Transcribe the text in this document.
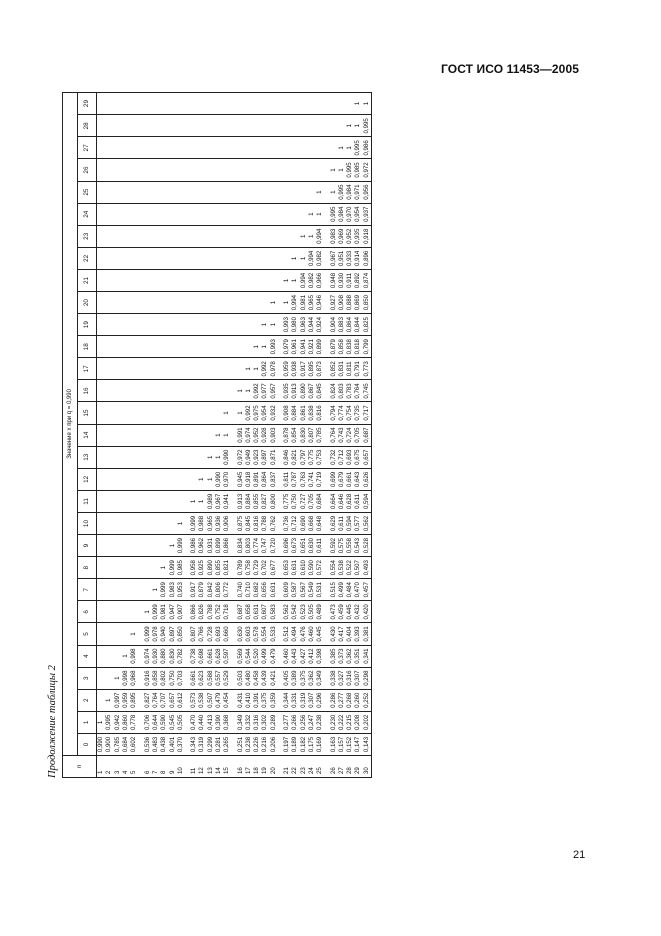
ГОСТ ИСО 11453—2005
Продолжение таблицы 2	n	Значение x при q = 0,990																													
	0	1	2	3	4	5	6	7	8	9	10	11	12	13	14	15	16	17	18	19	20	21	22	23	24	25	26	27	28	29
1	0,990	1																												
2	0,900	0,995	1																											
3	0,785	0,942	0,997	1																										
4	0,684	0,860	0,959	0,998	1																									
5	0,602	0,778	0,895	0,968	0,998	1																								
6	0,536	0,706	0,827	0,916	0,974	0,999	1																							
7	0,483	0,644	0,764	0,858	0,930	0,978	0,999	1																						
8	0,438	0,590	0,707	0,802	0,880	0,940	0,981	0,999	1																					
9	0,401	0,545	0,657	0,750	0,830	0,897	0,947	0,983	0,999	1																				
10	0,370	0,505	0,612	0,703	0,782	0,850	0,907	0,953	0,985	0,999	1																			
11	0,343	0,470	0,573	0,661	0,738	0,807	0,866	0,917	0,958	0,986	0,999	1																		
12	0,319	0,440	0,538	0,623	0,698	0,766	0,826	0,879	0,925	0,962	0,988	1	1																	
13	0,299	0,413	0,507	0,588	0,661	0,728	0,788	0,842	0,890	0,931	0,965	0,989	1	1																
14	0,281	0,390	0,479	0,557	0,628	0,693	0,752	0,806	0,855	0,899	0,936	0,967	0,990	1	1															
15	0,265	0,368	0,454	0,529	0,597	0,660	0,718	0,772	0,821	0,866	0,906	0,941	0,970	0,990	1	1														
16	0,251	0,349	0,431	0,503	0,569	0,630	0,687	0,740	0,789	0,834	0,875	0,913	0,945	0,972	0,991	1	1													
17	0,238	0,332	0,410	0,480	0,544	0,603	0,658	0,710	0,758	0,803	0,845	0,884	0,918	0,949	0,974	0,992	1	1												
18	0,226	0,316	0,391	0,458	0,520	0,578	0,631	0,682	0,729	0,774	0,816	0,855	0,891	0,923	0,952	0,975	0,992	1	1											
19	0,216	0,302	0,375	0,439	0,499	0,554	0,607	0,656	0,702	0,747	0,788	0,827	0,864	0,897	0,928	0,954	0,977	0,992	1	1										
20	0,206	0,289	0,359	0,421	0,479	0,533	0,583	0,631	0,677	0,720	0,762	0,800	0,837	0,871	0,903	0,932	0,957	0,978	0,993	1	1									
21	0,197	0,277	0,344	0,405	0,460	0,512	0,562	0,609	0,653	0,696	0,736	0,775	0,811	0,846	0,878	0,908	0,935	0,959	0,979	0,993	1	1								
22	0,189	0,266	0,331	0,389	0,443	0,494	0,542	0,587	0,631	0,673	0,712	0,750	0,787	0,821	0,854	0,884	0,913	0,938	0,961	0,980	0,994	1	1							
23	0,182	0,256	0,319	0,375	0,427	0,476	0,523	0,567	0,610	0,651	0,690	0,727	0,763	0,797	0,830	0,861	0,890	0,917	0,941	0,963	0,981	0,994	1	1						
24	0,175	0,247	0,307	0,362	0,412	0,460	0,505	0,549	0,590	0,630	0,668	0,705	0,741	0,775	0,807	0,838	0,867	0,895	0,921	0,944	0,965	0,982	0,994	1	1					
25	0,169	0,238	0,296	0,349	0,398	0,445	0,489	0,531	0,572	0,611	0,648	0,684	0,719	0,753	0,785	0,816	0,845	0,873	0,899	0,924	0,946	0,966	0,982	0,994	1	1				
26	0,163	0,230	0,286	0,338	0,385	0,430	0,473	0,515	0,554	0,592	0,629	0,664	0,699	0,732	0,764	0,794	0,824	0,852	0,879	0,904	0,927	0,948	0,967	0,983	0,995	1	1			
27	0,157	0,222	0,277	0,327	0,373	0,417	0,459	0,499	0,538	0,575	0,611	0,646	0,679	0,712	0,743	0,774	0,803	0,831	0,858	0,883	0,908	0,930	0,951	0,969	0,984	0,995	1	1		
28	0,152	0,215	0,268	0,316	0,362	0,404	0,445	0,484	0,522	0,558	0,594	0,628	0,661	0,693	0,724	0,754	0,783	0,811	0,838	0,864	0,888	0,911	0,933	0,952	0,970	0,984	0,995	1	1	
29	0,147	0,208	0,260	0,307	0,351	0,393	0,432	0,470	0,507	0,543	0,577	0,611	0,643	0,675	0,705	0,735	0,764	0,791	0,818	0,844	0,869	0,892	0,914	0,935	0,954	0,971	0,985	0,995	1	1
30	0,143	0,202	0,252	0,298	0,341	0,381	0,420	0,457	0,493	0,528	0,562	0,594	0,626	0,657	0,687	0,717	0,745	0,773	0,799	0,825	0,850	0,874	0,896	0,918	0,937	0,956	0,972	0,986	0,995	1
21
